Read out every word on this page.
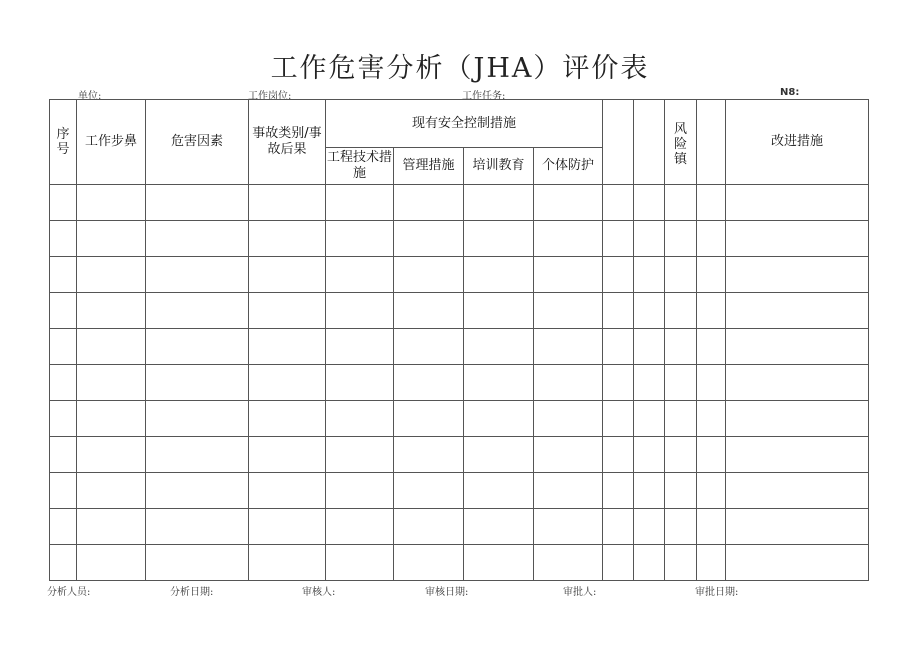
工作危害分析（JHA）评价表
单位:	工作岗位:	工作任务:	N8:
序号	工作步鼻	危害因素	事故类别/事故后果	现有安全控制措施						风险镇		改进措施
				工程技术措施	管理措施	培训教育	个体防护					

分析人员:	分析日期:	审核人:	审核日期:	审批人:	审批日期:
